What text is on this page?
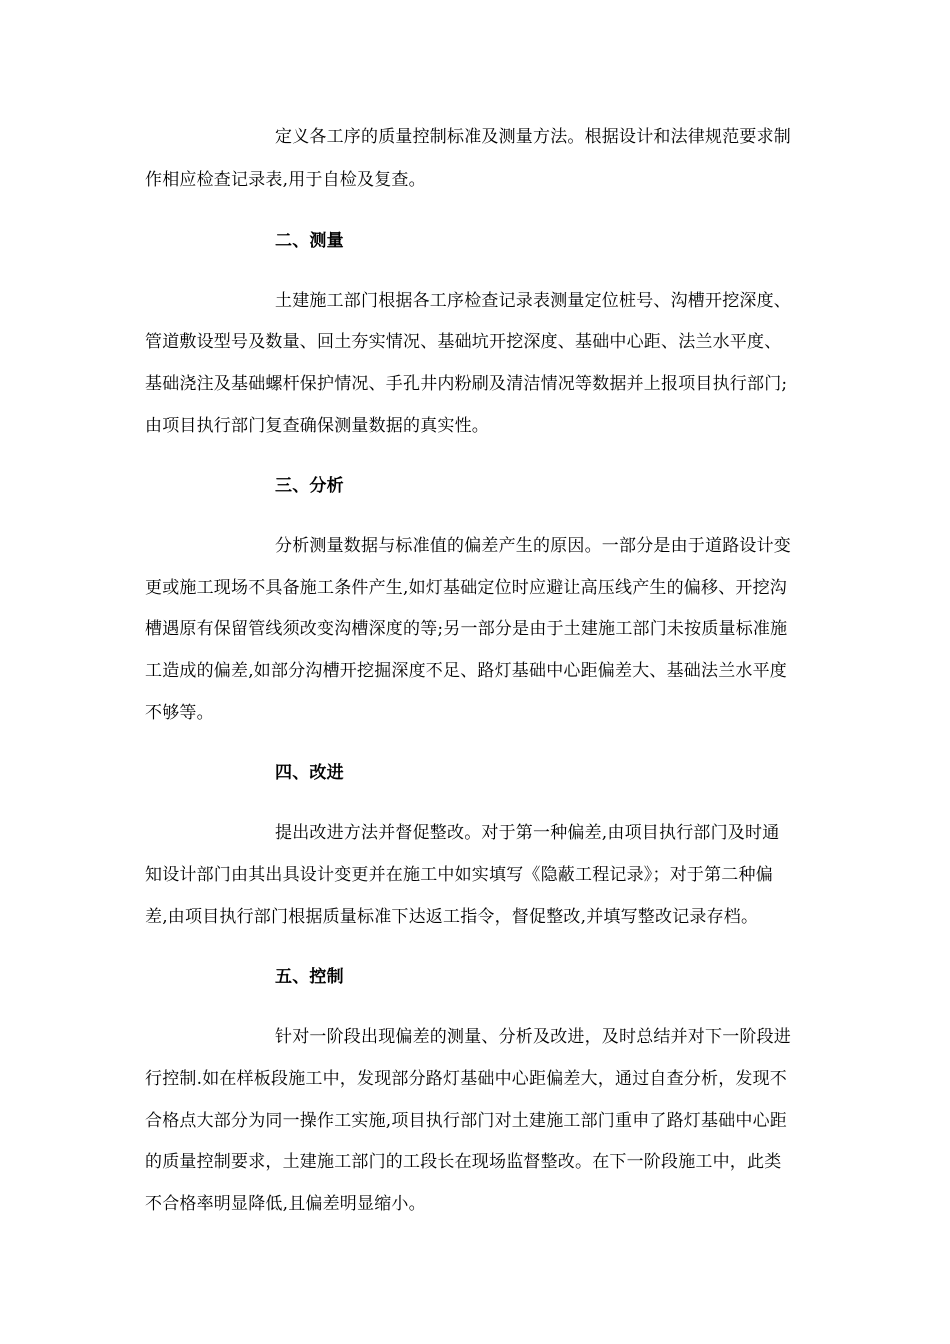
定义各工序的质量控制标准及测量方法。根据设计和法律规范要求制
作相应检查记录表,用于自检及复查。
二、测量
土建施工部门根据各工序检查记录表测量定位桩号、沟槽开挖深度、
管道敷设型号及数量、回土夯实情况、基础坑开挖深度、基础中心距、法兰水平度、
基础浇注及基础螺杆保护情况、手孔井内粉刷及清洁情况等数据并上报项目执行部门;
由项目执行部门复查确保测量数据的真实性。
三、分析
分析测量数据与标准值的偏差产生的原因。一部分是由于道路设计变
更或施工现场不具备施工条件产生,如灯基础定位时应避让高压线产生的偏移、开挖沟
槽遇原有保留管线须改变沟槽深度的等;另一部分是由于土建施工部门未按质量标准施
工造成的偏差,如部分沟槽开挖掘深度不足、路灯基础中心距偏差大、基础法兰水平度
不够等。
四、改进
提出改进方法并督促整改。对于第一种偏差,由项目执行部门及时通
知设计部门由其出具设计变更并在施工中如实填写《隐蔽工程记录》；对于第二种偏
差,由项目执行部门根据质量标准下达返工指令，督促整改,并填写整改记录存档。
五、控制
针对一阶段出现偏差的测量、分析及改进，及时总结并对下一阶段进
行控制.如在样板段施工中，发现部分路灯基础中心距偏差大，通过自查分析，发现不
合格点大部分为同一操作工实施,项目执行部门对土建施工部门重申了路灯基础中心距
的质量控制要求，土建施工部门的工段长在现场监督整改。在下一阶段施工中，此类
不合格率明显降低,且偏差明显缩小。
